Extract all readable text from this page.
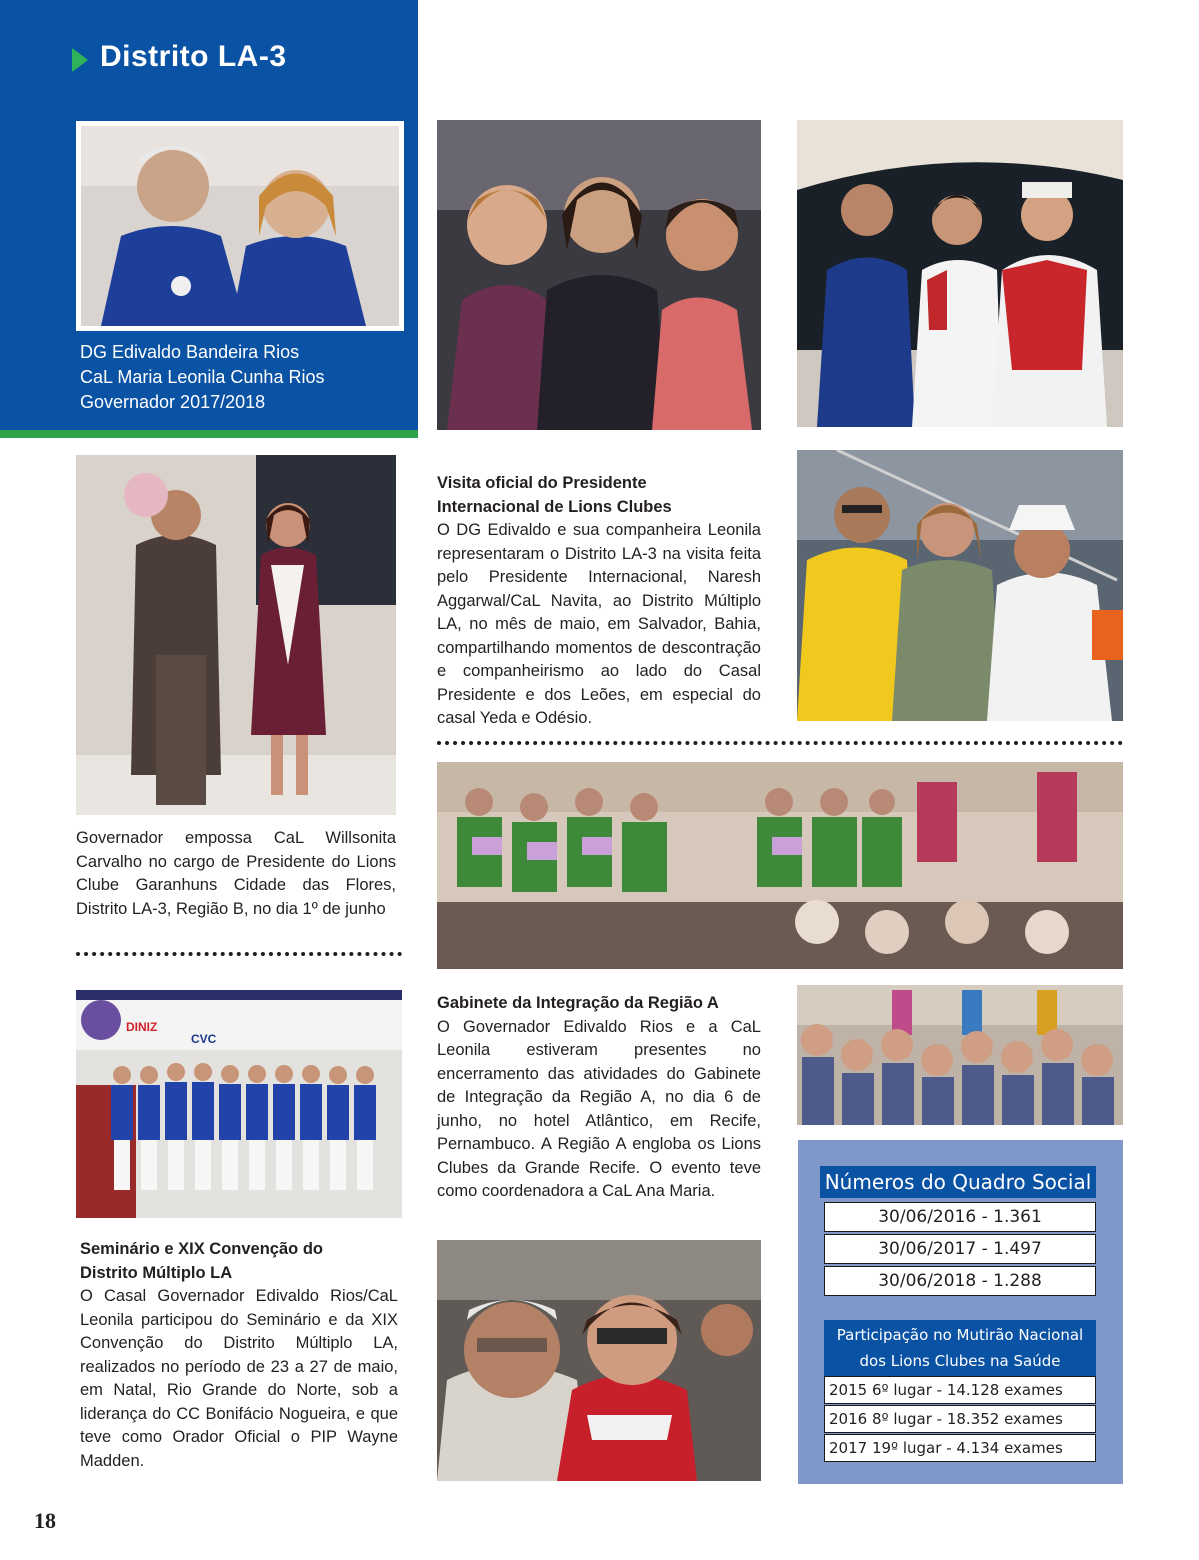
Distrito LA-3
DG Edivaldo Bandeira Rios
CaL Maria Leonila Cunha Rios
Governador 2017/2018
Visita oficial do Presidente
Internacional de Lions Clubes
O DG Edivaldo e sua companheira Leonila representaram o Distrito LA-3 na visita feita pelo Presidente Internacional, Naresh Aggarwal/CaL Navita, ao Distrito Múltiplo LA, no mês de maio, em Salvador, Bahia, compartilhando momentos de descontração e companheirismo ao lado do Casal Presidente e dos Leões, em especial do casal Yeda e Odésio.
Governador empossa CaL Willsonita Carvalho no cargo de Presidente do Lions Clube Garanhuns Cidade das Flores, Distrito LA-3, Região B, no dia 1º de junho
DINIZ
CVC
Gabinete da Integração da Região A
O Governador Edivaldo Rios e a CaL Leonila estiveram presentes no encerramento das atividades do Gabinete de Integração da Região A, no dia 6 de junho, no hotel Atlântico, em Recife, Pernambuco. A Região A engloba os Lions Clubes da Grande Recife. O evento teve como coordenadora a CaL Ana Maria.	Números do Quadro Social
30/06/2016 - 1.361
30/06/2017 - 1.497
30/06/2018 - 1.288
Participação no Mutirão Nacional
dos Lions Clubes na Saúde
2015 6º lugar - 14.128 exames
2016 8º lugar - 18.352 exames
2017 19º lugar - 4.134 exames
Seminário e XIX Convenção do
Distrito Múltiplo LA
O Casal Governador Edivaldo Rios/CaL Leonila participou do Seminário e da XIX Convenção do Distrito Múltiplo LA, realizados no período de 23 a 27 de maio, em Natal, Rio Grande do Norte, sob a liderança do CC Bonifácio Nogueira, e que teve como Orador Oficial o PIP Wayne Madden.
18
